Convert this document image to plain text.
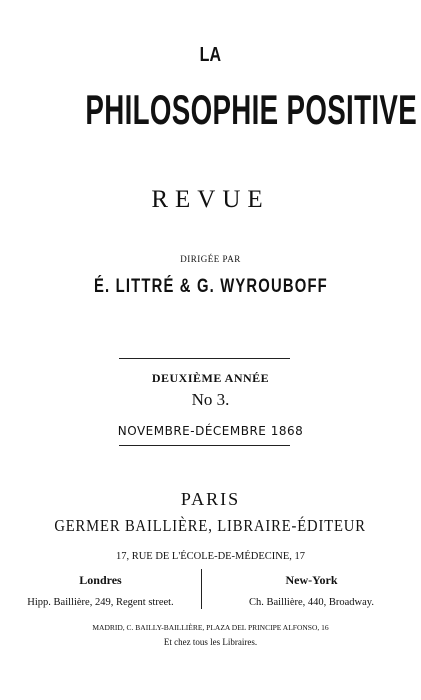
LA
PHILOSOPHIE POSITIVE
REVUE
DIRIGÉE PAR
É. LITTRÉ & G. WYROUBOFF
DEUXIÈME ANNÉE
No 3.
NOVEMBRE-DÉCEMBRE 1868
PARIS
GERMER BAILLIÈRE, LIBRAIRE-ÉDITEUR
17, RUE DE L'ÉCOLE-DE-MÉDECINE, 17
Londres
Hipp. Baillière, 249, Regent street.
New-York
Ch. Baillière, 440, Broadway.
MADRID, C. BAILLY-BAILLIÈRE, PLAZA DEL PRINCIPE ALFONSO, 16
Et chez tous les Libraires.
